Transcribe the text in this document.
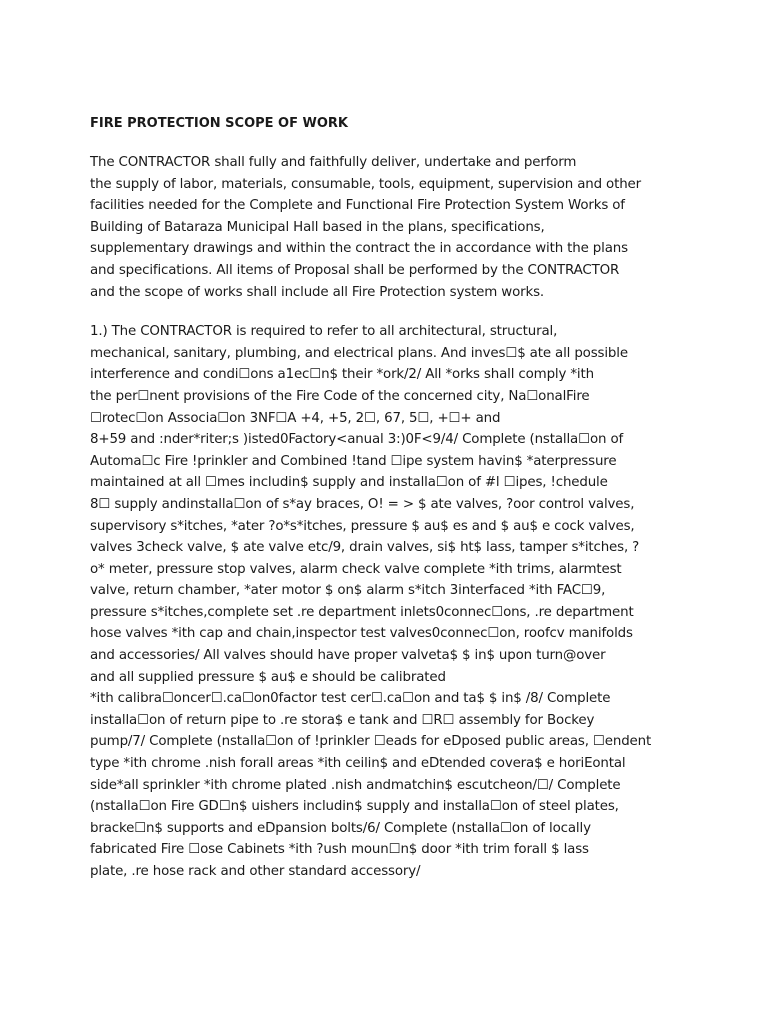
FIRE PROTECTION SCOPE OF WORK
The CONTRACTOR shall fully and faithfully deliver, undertake and perform
the supply of labor, materials, consumable, tools, equipment, supervision and other
facilities needed for the Complete and Functional Fire Protection System Works of
Building of Bataraza Municipal Hall based in the plans, specifications,
supplementary drawings and within the contract the in accordance with the plans
and specifications. All items of Proposal shall be performed by the CONTRACTOR
and the scope of works shall include all Fire Protection system works.
1.) The CONTRACTOR is required to refer to all architectural, structural,
mechanical, sanitary, plumbing, and electrical plans. And inves☐$ ate all possible
interference and condi☐ons a1ec☐n$ their *ork/2/ All *orks shall comply *ith
the per☐nent provisions of the Fire Code of the concerned city, Na☐onalFire
☐rotec☐on Associa☐on 3NF☐A +4, +5, 2☐, 67, 5☐, +☐+ and
8+59 and :nder*riter;s )isted0Factory<anual 3:)0F<9/4/ Complete (nstalla☐on of
Automa☐c Fire !prinkler and Combined !tand ☐ipe system havin$ *aterpressure
maintained at all ☐mes includin$ supply and installa☐on of #l ☐ipes, !chedule
8☐ supply andinstalla☐on of s*ay braces, O! = > $ ate valves, ?oor control valves,
supervisory s*itches, *ater ?o*s*itches, pressure $ au$ es and $ au$ e cock valves,
valves 3check valve, $ ate valve etc/9, drain valves, si$ ht$ lass, tamper s*itches, ?
o* meter, pressure stop valves, alarm check valve complete *ith trims, alarmtest
valve, return chamber, *ater motor $ on$ alarm s*itch 3interfaced *ith FAC☐9,
pressure s*itches,complete set .re department inlets0connec☐ons, .re department
hose valves *ith cap and chain,inspector test valves0connec☐on, roofcv manifolds
and accessories/ All valves should have proper valveta$ $ in$ upon turn@over
and all supplied pressure $ au$ e should be calibrated
*ith calibra☐oncer☐.ca☐on0factor test cer☐.ca☐on and ta$ $ in$ /8/ Complete
installa☐on of return pipe to .re stora$ e tank and ☐R☐ assembly for Bockey
pump/7/ Complete (nstalla☐on of !prinkler ☐eads for eDposed public areas, ☐endent
type *ith chrome .nish forall areas *ith ceilin$ and eDtended covera$ e horiEontal
side*all sprinkler *ith chrome plated .nish andmatchin$ escutcheon/☐/ Complete
(nstalla☐on Fire GD☐n$ uishers includin$ supply and installa☐on of steel plates,
bracke☐n$ supports and eDpansion bolts/6/ Complete (nstalla☐on of locally
fabricated Fire ☐ose Cabinets *ith ?ush moun☐n$ door *ith trim forall $ lass
plate, .re hose rack and other standard accessory/
